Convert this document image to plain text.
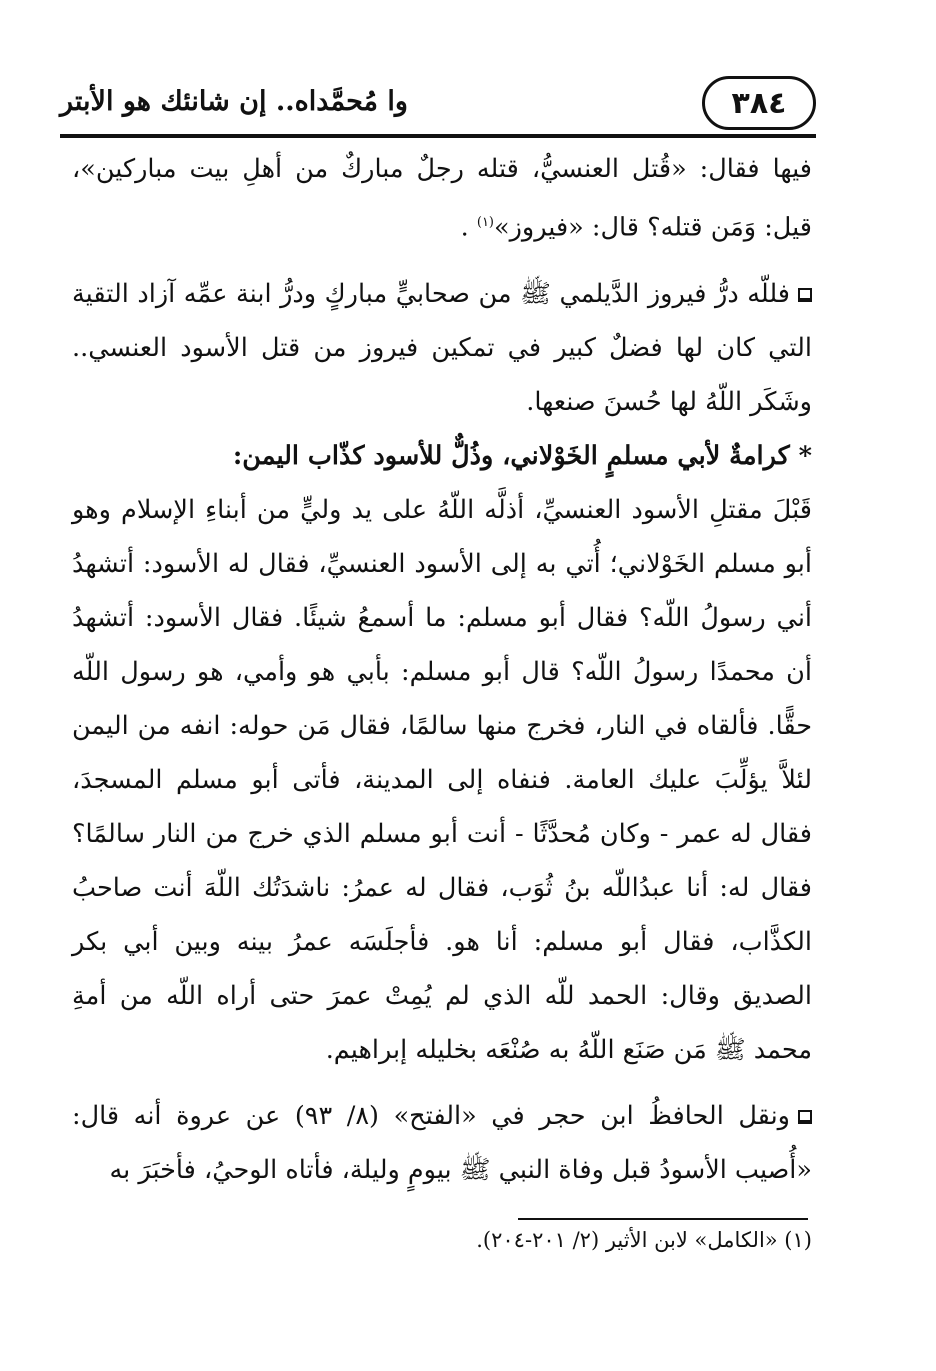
٣٨٤
وا مُحمَّداه.. إن شانئك هو الأبتر

فيها فقال: «قُتل العنسيُّ، قتله رجلٌ مباركٌ من أهلِ بيت مباركين»، قيل: وَمَن قتله؟ قال: «فيروز»$^{(١)}$ .

فللّه درُّ فيروز الدَّيلمي ﷺ من صحابيٍّ مباركٍ ودرُّ ابنة عمِّه آزاد التقية التي كان لها فضلٌ كبير في تمكين فيروز من قتل الأسود العنسي.. وشَكَر اللّهُ لها حُسنَ صنعها.

* كرامةٌ لأبي مسلمٍ الخَوْلاني، وذُلٌّ للأسود كذّاب اليمن:

قَبْلَ مقتلِ الأسود العنسيِّ، أذلَّه اللّهُ على يد وليٍّ من أبناءِ الإسلام وهو أبو مسلم الخَوْلاني؛ أُتي به إلى الأسود العنسيِّ، فقال له الأسود: أتشهدُ أني رسولُ اللّه؟ فقال أبو مسلم: ما أسمعُ شيئًا. فقال الأسود: أتشهدُ أن محمدًا رسولُ اللّه؟ قال أبو مسلم: بأبي هو وأمي، هو رسول اللّه حقًّا. فألقاه في النار، فخرج منها سالمًا، فقال مَن حوله: انفه من اليمن لئلاَّ يؤلِّبَ عليك العامة. فنفاه إلى المدينة، فأتى أبو مسلم المسجدَ، فقال له عمر - وكان مُحدَّثًا - أنت أبو مسلم الذي خرج من النار سالمًا؟ فقال له: أنا عبدُاللّه بنُ ثُوَب، فقال له عمرُ: ناشدَتُك اللّهَ أنت صاحبُ الكذَّاب، فقال أبو مسلم: أنا هو. فأجلَسَه عمرُ بينه وبين أبي بكر الصديق وقال: الحمد للّه الذي لم يُمِتْ عمرَ حتى أراه اللّه من أمةِ محمد ﷺ مَن صَنَع اللّهُ به صُنْعَه بخليله إبراهيم.

ونقل الحافظُ ابن حجر في «الفتح» (٨/ ٩٣) عن عروة أنه قال: «أُصيب الأسودُ قبل وفاة النبي ﷺ بيومٍ وليلة، فأتاه الوحيُ، فأخبَرَ به

(١) «الكامل» لابن الأثير (٢/ ٢٠١-٢٠٤).
